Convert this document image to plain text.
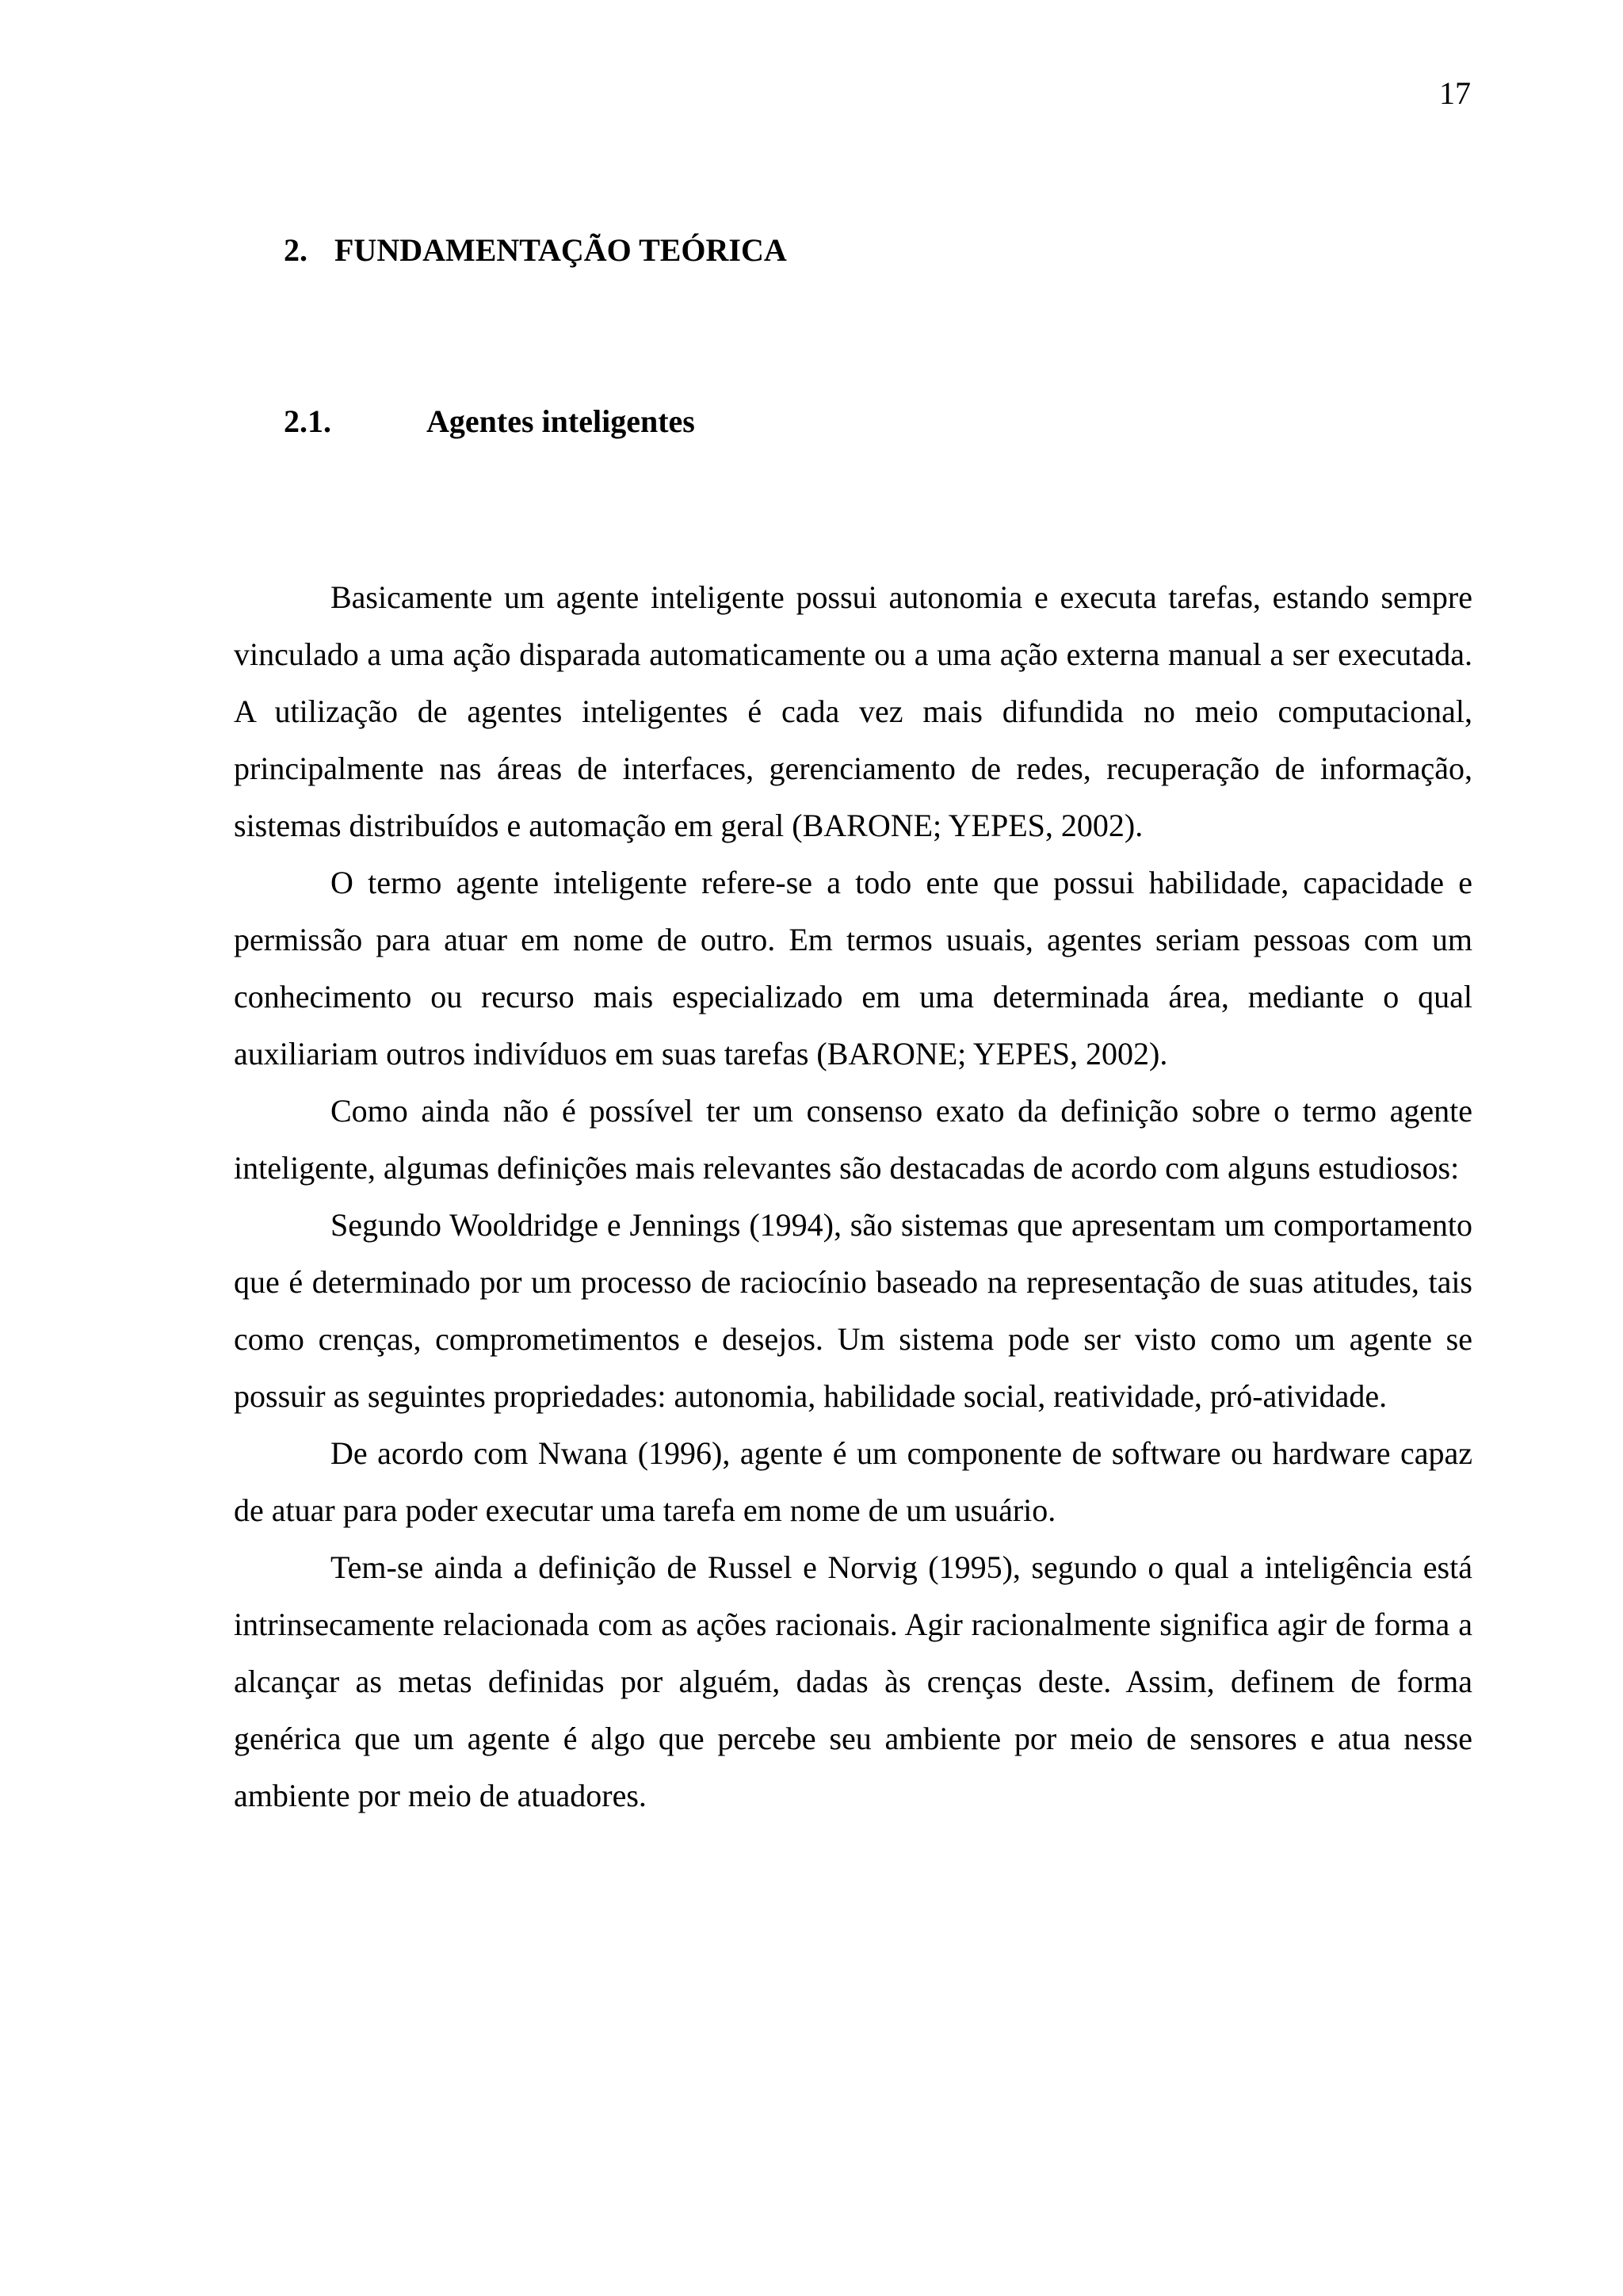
17
2. FUNDAMENTAÇÃO TEÓRICA
2.1.	Agentes inteligentes

Basicamente um agente inteligente possui autonomia e executa tarefas, estando sempre vinculado a uma ação disparada automaticamente ou a uma ação externa manual a ser executada. A utilização de agentes inteligentes é cada vez mais difundida no meio computacional, principalmente nas áreas de interfaces, gerenciamento de redes, recuperação de informação, sistemas distribuídos e automação em geral (BARONE; YEPES, 2002).

O termo agente inteligente refere-se a todo ente que possui habilidade, capacidade e permissão para atuar em nome de outro. Em termos usuais, agentes seriam pessoas com um conhecimento ou recurso mais especializado em uma determinada área, mediante o qual auxiliariam outros indivíduos em suas tarefas (BARONE; YEPES, 2002).

Como ainda não é possível ter um consenso exato da definição sobre o termo agente inteligente, algumas definições mais relevantes são destacadas de acordo com alguns estudiosos:

Segundo Wooldridge e Jennings (1994), são sistemas que apresentam um comportamento que é determinado por um processo de raciocínio baseado na representação de suas atitudes, tais como crenças, comprometimentos e desejos. Um sistema pode ser visto como um agente se possuir as seguintes propriedades: autonomia, habilidade social, reatividade, pró-atividade.

De acordo com Nwana (1996), agente é um componente de software ou hardware capaz de atuar para poder executar uma tarefa em nome de um usuário.

Tem-se ainda a definição de Russel e Norvig (1995), segundo o qual a inteligência está intrinsecamente relacionada com as ações racionais. Agir racionalmente significa agir de forma a alcançar as metas definidas por alguém, dadas às crenças deste. Assim, definem de forma genérica que um agente é algo que percebe seu ambiente por meio de sensores e atua nesse ambiente por meio de atuadores.
